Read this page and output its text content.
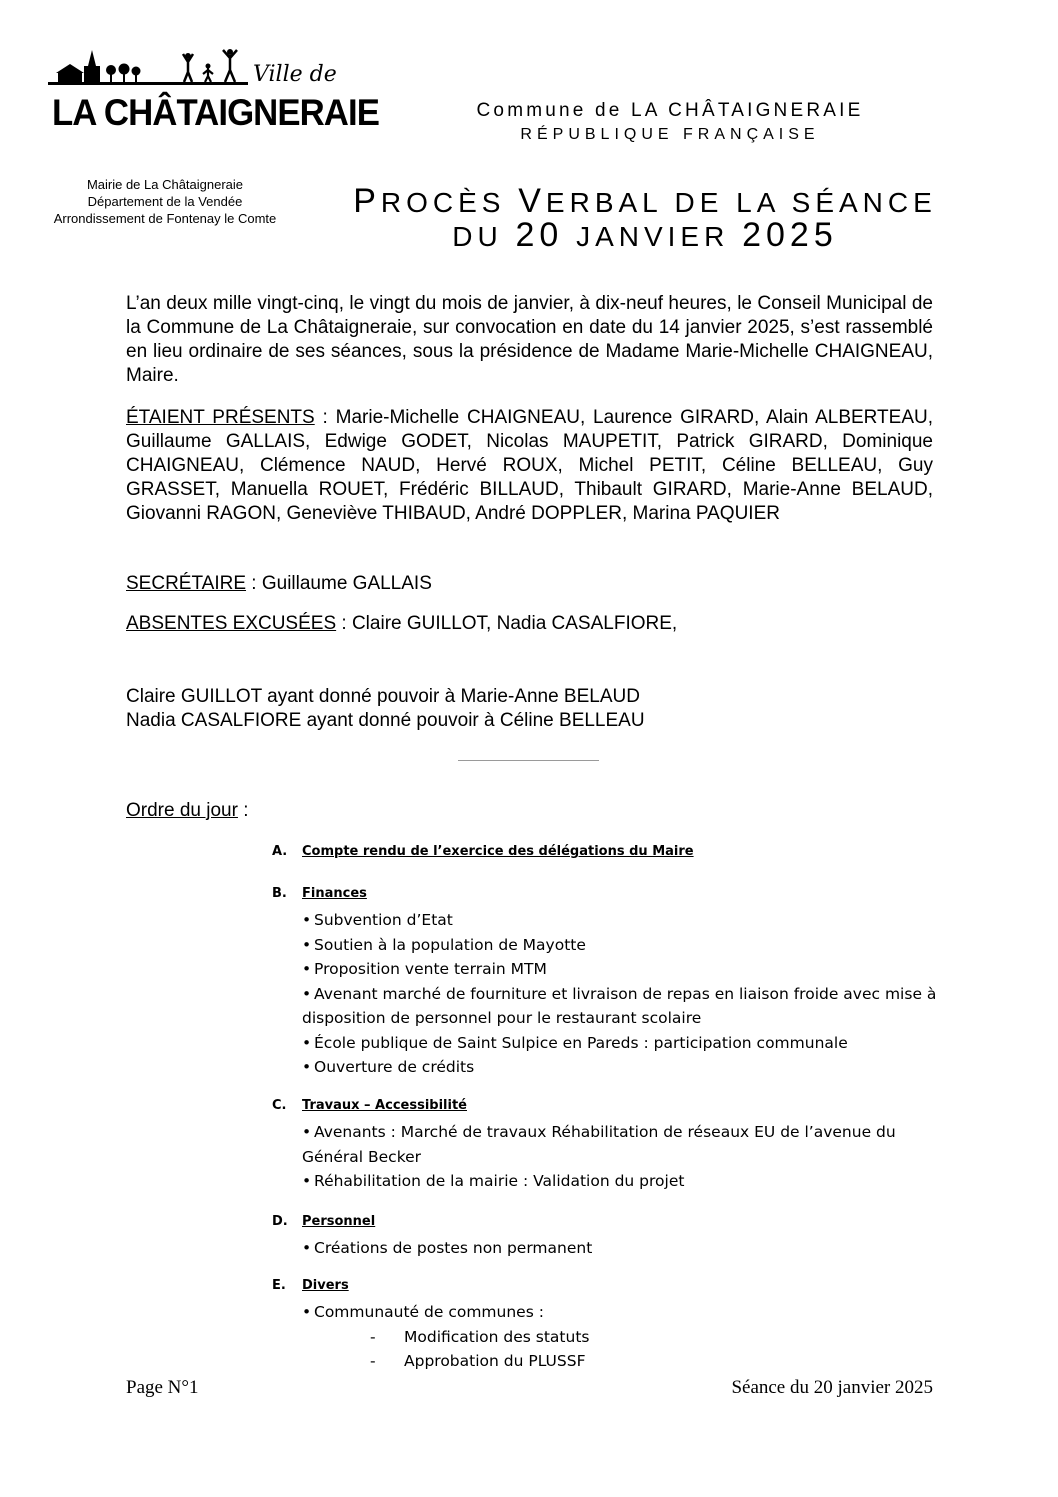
Ville de
LA CHÂTAIGNERAIE	Commune de LA CHÂTAIGNERAIE
RÉPUBLIQUE FRANÇAISE
Mairie de La Châtaigneraie
Département de la Vendée
Arrondissement de Fontenay le Comte	PROCÈS VERBAL DE LA SÉANCE
DU 20 JANVIER 2025
L’an deux mille vingt-cinq, le vingt du mois de janvier, à dix-neuf heures, le Conseil Municipal de la Commune de La Châtaigneraie, sur convocation en date du 14 janvier 2025, s’est rassemblé en lieu ordinaire de ses séances, sous la présidence de Madame Marie-Michelle CHAIGNEAU, Maire.
ÉTAIENT PRÉSENTS : Marie-Michelle CHAIGNEAU, Laurence GIRARD, Alain ALBERTEAU, Guillaume GALLAIS, Edwige GODET, Nicolas MAUPETIT, Patrick GIRARD, Dominique CHAIGNEAU, Clémence NAUD, Hervé ROUX, Michel PETIT, Céline BELLEAU, Guy GRASSET, Manuella ROUET, Frédéric BILLAUD, Thibault GIRARD, Marie-Anne BELAUD, Giovanni RAGON, Geneviève THIBAUD, André DOPPLER, Marina PAQUIER
SECRÉTAIRE : Guillaume GALLAIS
ABSENTES EXCUSÉES : Claire GUILLOT, Nadia CASALFIORE,
Claire GUILLOT ayant donné pouvoir à Marie-Anne BELAUD
Nadia CASALFIORE ayant donné pouvoir à Céline BELLEAU
Ordre du jour :
A. Compte rendu de l’exercice des délégations du Maire
B. Finances
• Subvention d’Etat
• Soutien à la population de Mayotte
• Proposition vente terrain MTM
• Avenant marché de fourniture et livraison de repas en liaison froide avec mise à disposition de personnel pour le restaurant scolaire
• École publique de Saint Sulpice en Pareds : participation communale
• Ouverture de crédits
C. Travaux – Accessibilité
• Avenants : Marché de travaux Réhabilitation de réseaux EU de l’avenue du Général Becker
• Réhabilitation de la mairie : Validation du projet
D. Personnel
• Créations de postes non permanent
E. Divers
• Communauté de communes :
- Modification des statuts
- Approbation du PLUSSF
Page N°1	Séance du 20 janvier 2025
